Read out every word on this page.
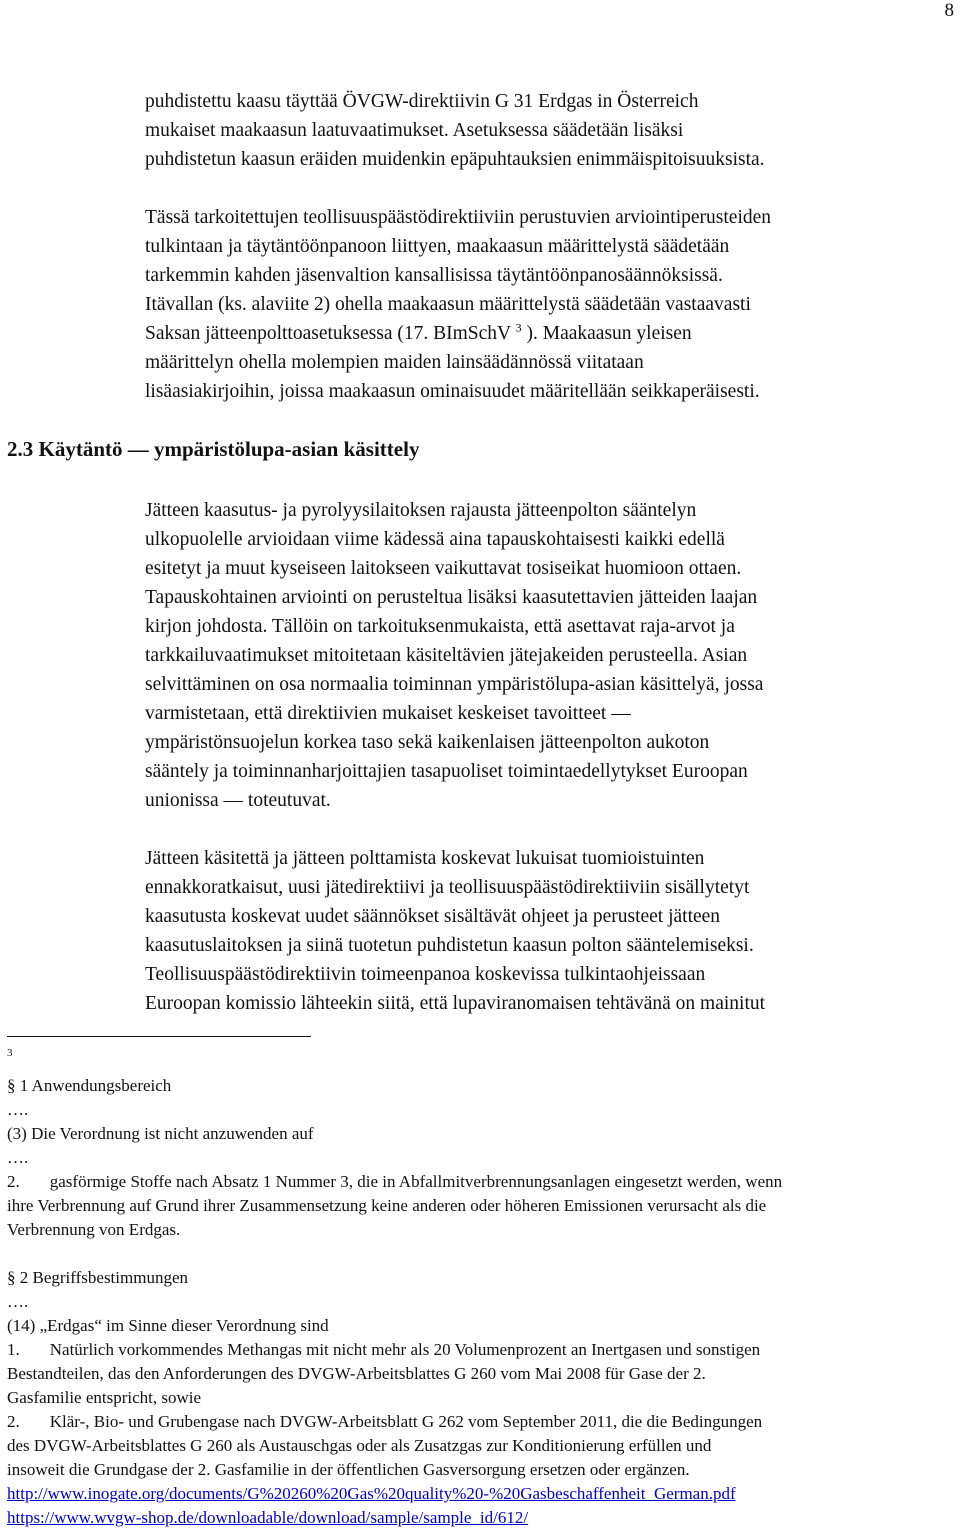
8
puhdistettu kaasu täyttää ÖVGW-direktiivin G 31 Erdgas in Österreich
mukaiset maakaasun laatuvaatimukset. Asetuksessa säädetään lisäksi
puhdistetun kaasun eräiden muidenkin epäpuhtauksien enimmäispitoisuuksista.
Tässä tarkoitettujen teollisuuspäästödirektiiviin perustuvien arviointiperusteiden
tulkintaan ja täytäntöönpanoon liittyen, maakaasun määrittelystä säädetään
tarkemmin kahden jäsenvaltion kansallisissa täytäntöönpanosäännöksissä.
Itävallan (ks. alaviite 2) ohella maakaasun määrittelystä säädetään vastaavasti
Saksan jätteenpolttoasetuksessa (17. BImSchV $^3$ ). Maakaasun yleisen
määrittelyn ohella molempien maiden lainsäädännössä viitataan
lisäasiakirjoihin, joissa maakaasun ominaisuudet määritellään seikkaperäisesti.
2.3 Käytäntö — ympäristölupa-asian käsittely
Jätteen kaasutus- ja pyrolyysilaitoksen rajausta jätteenpolton sääntelyn
ulkopuolelle arvioidaan viime kädessä aina tapauskohtaisesti kaikki edellä
esitetyt ja muut kyseiseen laitokseen vaikuttavat tosiseikat huomioon ottaen.
Tapauskohtainen arviointi on perusteltua lisäksi kaasutettavien jätteiden laajan
kirjon johdosta. Tällöin on tarkoituksenmukaista, että asettavat raja-arvot ja
tarkkailuvaatimukset mitoitetaan käsiteltävien jätejakeiden perusteella. Asian
selvittäminen on osa normaalia toiminnan ympäristölupa-asian käsittelyä, jossa
varmistetaan, että direktiivien mukaiset keskeiset tavoitteet —
ympäristönsuojelun korkea taso sekä kaikenlaisen jätteenpolton aukoton
sääntely ja toiminnanharjoittajien tasapuoliset toimintaedellytykset Euroopan
unionissa — toteutuvat.
Jätteen käsitettä ja jätteen polttamista koskevat lukuisat tuomioistuinten
ennakkoratkaisut, uusi jätedirektiivi ja teollisuuspäästödirektiiviin sisällytetyt
kaasutusta koskevat uudet säännökset sisältävät ohjeet ja perusteet jätteen
kaasutuslaitoksen ja siinä tuotetun puhdistetun kaasun polton sääntelemiseksi.
Teollisuuspäästödirektiivin toimeenpanoa koskevissa tulkintaohjeissaan
Euroopan komissio lähteekin siitä, että lupaviranomaisen tehtävänä on mainitut
3
§ 1 Anwendungsbereich
….
(3) Die Verordnung ist nicht anzuwenden auf
….
2. gasförmige Stoffe nach Absatz 1 Nummer 3, die in Abfallmitverbrennungsanlagen eingesetzt werden, wenn
ihre Verbrennung auf Grund ihrer Zusammensetzung keine anderen oder höheren Emissionen verursacht als die
Verbrennung von Erdgas.
§ 2 Begriffsbestimmungen
….
(14) „Erdgas“ im Sinne dieser Verordnung sind
1. Natürlich vorkommendes Methangas mit nicht mehr als 20 Volumenprozent an Inertgasen und sonstigen
Bestandteilen, das den Anforderungen des DVGW-Arbeitsblattes G 260 vom Mai 2008 für Gase der 2.
Gasfamilie entspricht, sowie
2. Klär-, Bio- und Grubengase nach DVGW-Arbeitsblatt G 262 vom September 2011, die die Bedingungen
des DVGW-Arbeitsblattes G 260 als Austauschgas oder als Zusatzgas zur Konditionierung erfüllen und
insoweit die Grundgase der 2. Gasfamilie in der öffentlichen Gasversorgung ersetzen oder ergänzen.
http://www.inogate.org/documents/G%20260%20Gas%20quality%20-%20Gasbeschaffenheit_German.pdf
https://www.wvgw-shop.de/downloadable/download/sample/sample_id/612/
